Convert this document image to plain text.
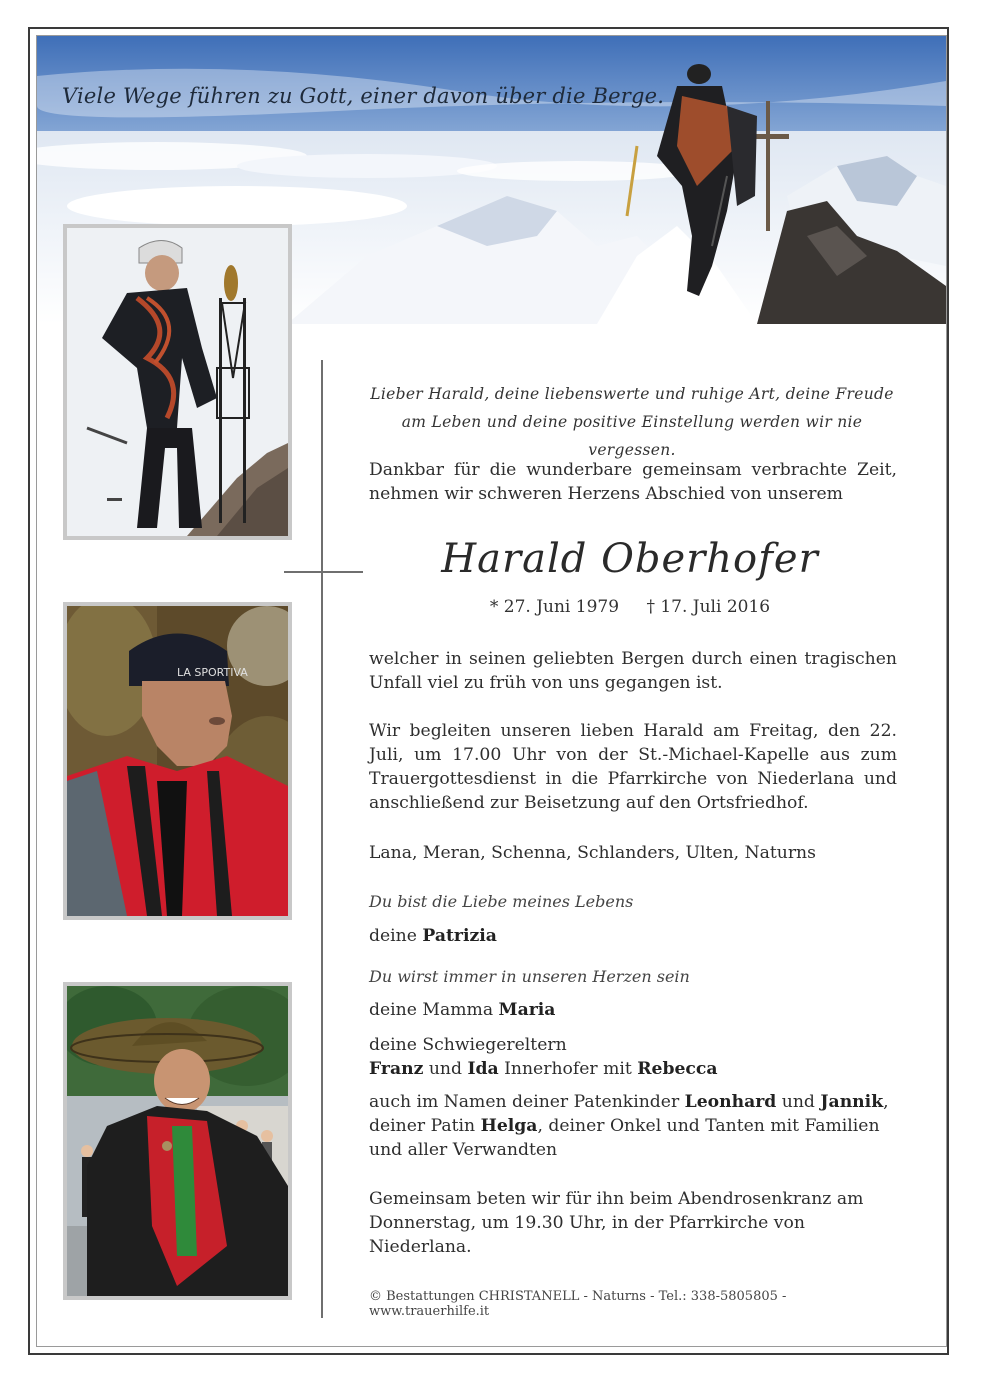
Viele Wege führen zu Gott, einer davon über die Berge.
LA SPORTIVA
Lieber Harald, deine liebenswerte und ruhige Art, deine Freude am Leben und deine positive Einstellung werden wir nie vergessen.
Dankbar für die wunderbare gemeinsam verbrachte Zeit, nehmen wir schweren Herzens Abschied von unserem
Harald Oberhofer
* 27. Juni 1979 † 17. Juli 2016
welcher in seinen geliebten Bergen durch einen tragischen Unfall viel zu früh von uns gegangen ist.
Wir begleiten unseren lieben Harald am Freitag, den 22. Juli, um 17.00 Uhr von der St.-Michael-Kapelle aus zum Trauergottesdienst in die Pfarrkirche von Niederlana und anschließend zur Beisetzung auf den Ortsfriedhof.
Lana, Meran, Schenna, Schlanders, Ulten, Naturns
Du bist die Liebe meines Lebens
deine Patrizia
Du wirst immer in unseren Herzen sein
deine Mamma Maria
deine Schwiegereltern
Franz und Ida Innerhofer mit Rebecca
auch im Namen deiner Patenkinder Leonhard und Jannik, deiner Patin Helga, deiner Onkel und Tanten mit Familien und aller Verwandten
Gemeinsam beten wir für ihn beim Abendrosenkranz am Donnerstag, um 19.30 Uhr, in der Pfarrkirche von Niederlana.
© Bestattungen CHRISTANELL - Naturns - Tel.: 338-5805805 - www.trauerhilfe.it
